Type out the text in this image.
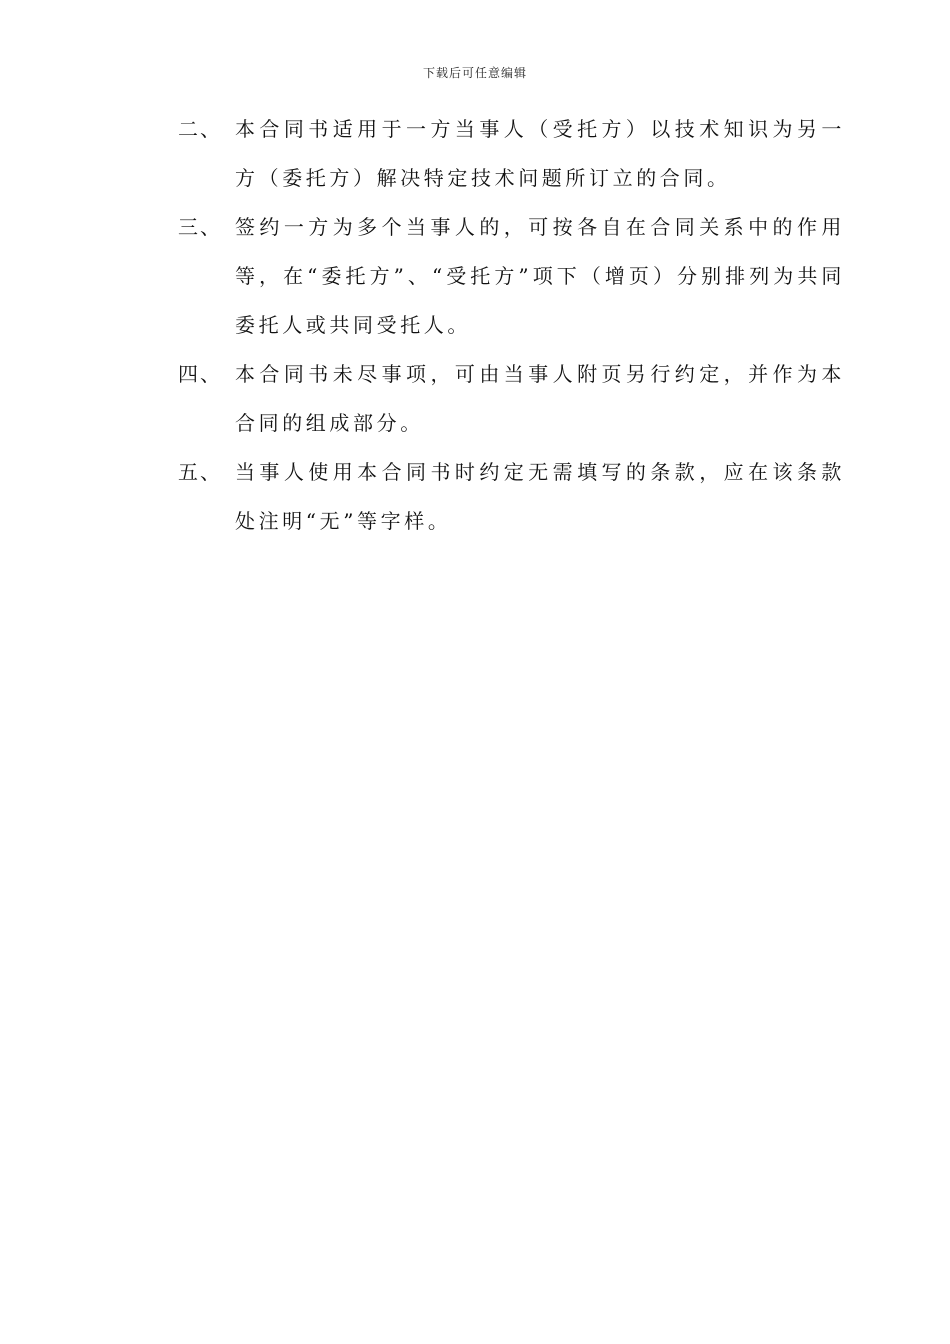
下载后可任意编辑
二、 本合同书适用于一方当事人（受托方）以技术知识为另一方（委托方）解决特定技术问题所订立的合同。
三、 签约一方为多个当事人的，可按各自在合同关系中的作用等，在“委托方”、“受托方”项下（增页）分别排列为共同委托人或共同受托人。
四、 本合同书未尽事项，可由当事人附页另行约定，并作为本合同的组成部分。
五、 当事人使用本合同书时约定无需填写的条款，应在该条款处注明“无”等字样。
